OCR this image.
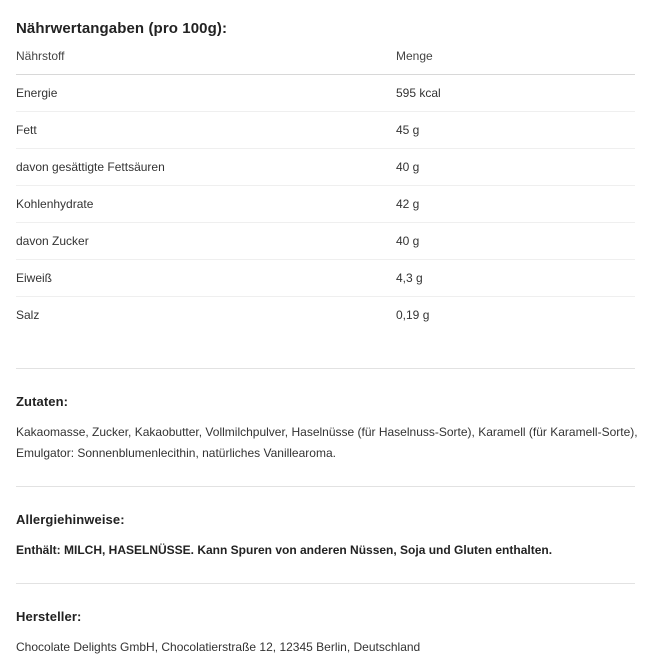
Nährwertangaben (pro 100g):
Nährstoff	Menge
Energie	595 kcal
Fett	45 g
davon gesättigte Fettsäuren	40 g
Kohlenhydrate	42 g
davon Zucker	40 g
Eiweiß	4,3 g
Salz	0,19 g
Zutaten:

Kakaomasse, Zucker, Kakaobutter, Vollmilchpulver, Haselnüsse (für Haselnuss-Sorte), Karamell (für Karamell-Sorte), Emulgator: Sonnenblumenlecithin, natürliches Vanillearoma.

Allergiehinweise:

Enthält: MILCH, HASELNÜSSE. Kann Spuren von anderen Nüssen, Soja und Gluten enthalten.

Hersteller:

Chocolate Delights GmbH, Chocolatierstraße 12, 12345 Berlin, Deutschland
